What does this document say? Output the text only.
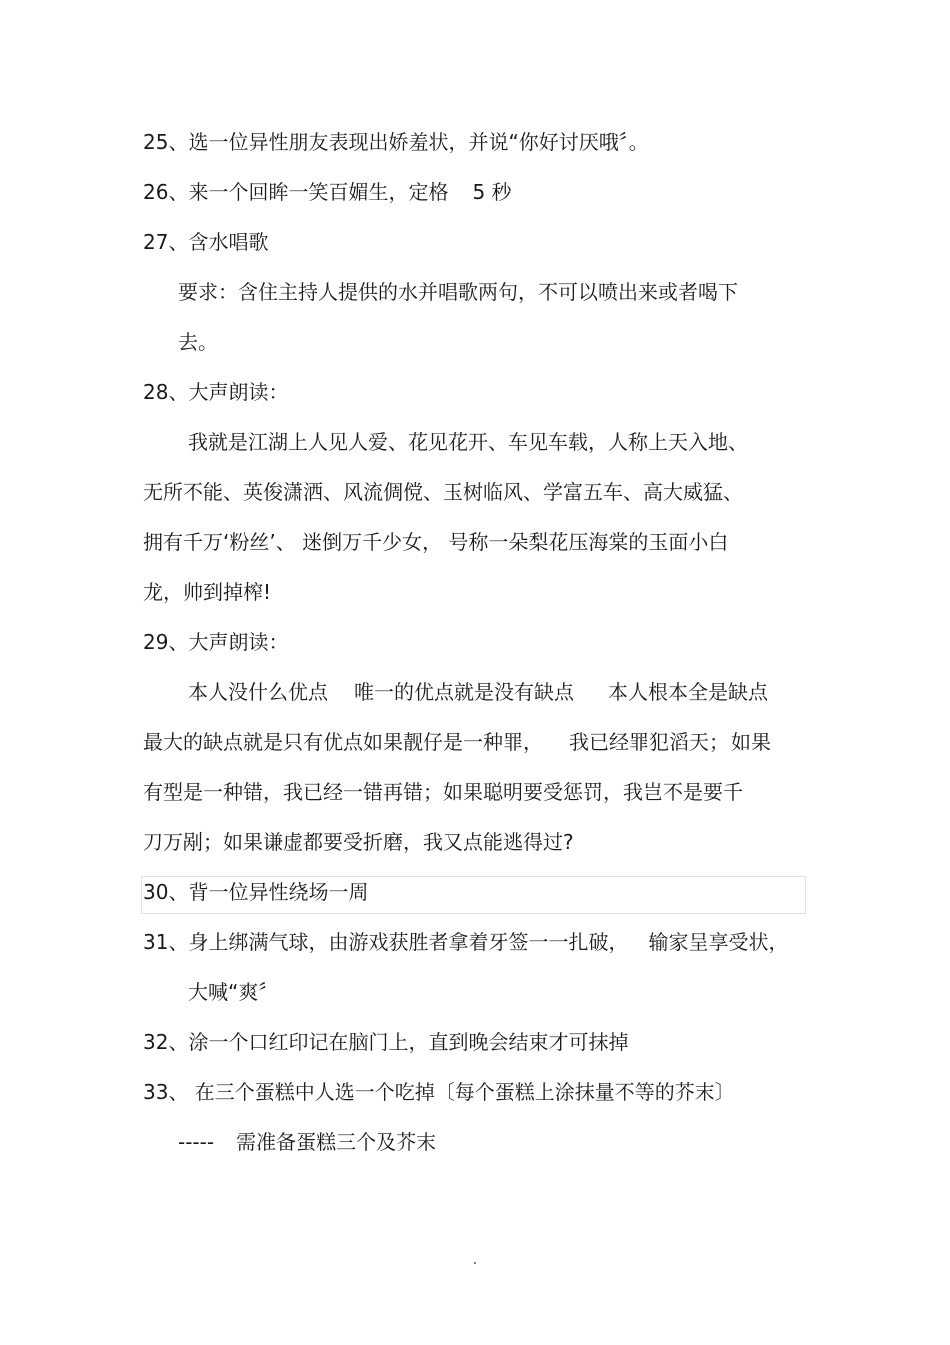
25、选一位异性朋友表现出娇羞状，并说“你好讨厌哦〞。
26、来一个回眸一笑百媚生，定格 5 秒
27、含水唱歌
要求：含住主持人提供的水并唱歌两句，不可以喷出来或者喝下
去。
28、大声朗读：
我就是江湖上人见人爱、花见花开、车见车载，人称上天入地、
无所不能、英俊潇洒、风流倜傥、玉树临风、学富五车、高大威猛、
拥有千万‘粉丝’、 迷倒万千少女， 号称一朵梨花压海棠的玉面小白
龙，帅到掉榨!
29、大声朗读：
本人没什么优点 唯一的优点就是没有缺点 本人根本全是缺点
最大的缺点就是只有优点如果靓仔是一种罪， 我已经罪犯滔天； 如果
有型是一种错，我已经一错再错；如果聪明要受惩罚，我岂不是要千
刀万剐；如果谦虚都要受折磨，我又点能逃得过?
30、背一位异性绕场一周
31、身上绑满气球，由游戏获胜者拿着牙签一一扎破， 输家呈享受状，
大喊“爽〞
32、涂一个口红印记在脑门上，直到晚会结束才可抹掉
33、 在三个蛋糕中人选一个吃掉〔每个蛋糕上涂抹量不等的芥末〕
----- 需准备蛋糕三个及芥末
